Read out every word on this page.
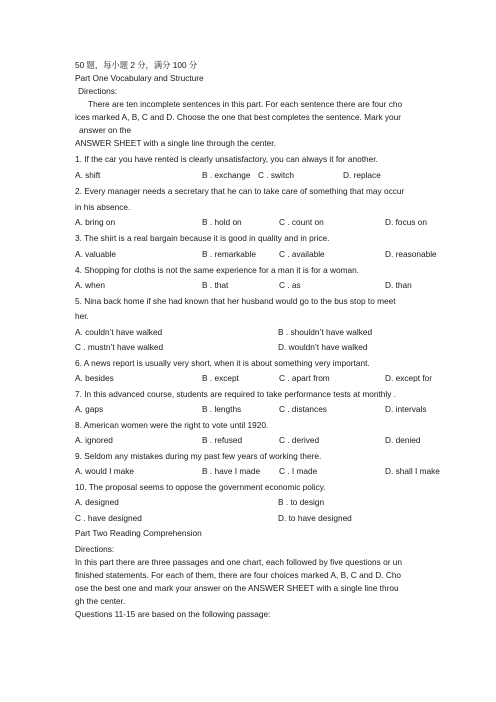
50 题，每小题 2 分，满分 100 分
Part One Vocabulary and Structure
Directions:
There are ten incomplete sentences in this part. For each sentence there are four cho
ices marked A, B, C and D. Choose the one that best completes the sentence. Mark your
answer on the
ANSWER SHEET with a single line through the center.
1. If the car you have rented is clearly unsatisfactory, you can always it for another.
A. shift	B . exchange C . switch	D. replace
2. Every manager needs a secretary that he can to take care of something that may occur
in his absence.
A. bring on	B . hold on	C . count on	D. focus on
3. The shirt is a real bargain because it is good in quality and in price.
A. valuable	B . remarkable	C . available	D. reasonable
4. Shopping for cloths is not the same experience for a man it is for a woman.
A. when	B . that	C . as	D. than
5. Nina back home if she had known that her husband would go to the bus stop to meet
her.
A. couldn’t have walked	B . shouldn’t have walked
C . mustn’t have walked	D. wouldn’t have walked
6. A news report is usually very short, when it is about something very important.
A. besides	B . except	C . apart from	D. except for
7. In this advanced course, students are required to take performance tests at monthly .
A. gaps	B . lengths	C . distances	D. intervals
8. American women were the right to vote until 1920.
A. ignored	B . refused	C . derived	D. denied
9. Seldom any mistakes during my past few years of working there.
A. would I make	B . have I made C . I made	D. shall I make
10. The proposal seems to oppose the government economic policy.
A. designed	B . to design
C . have designed	D. to have designed
Part Two Reading Comprehension
Directions:
In this part there are three passages and one chart, each followed by five questions or un
finished statements. For each of them, there are four choices marked A, B, C and D. Cho
ose the best one and mark your answer on the ANSWER SHEET with a single line throu
gh the center.
Questions 11-15 are based on the following passage:
